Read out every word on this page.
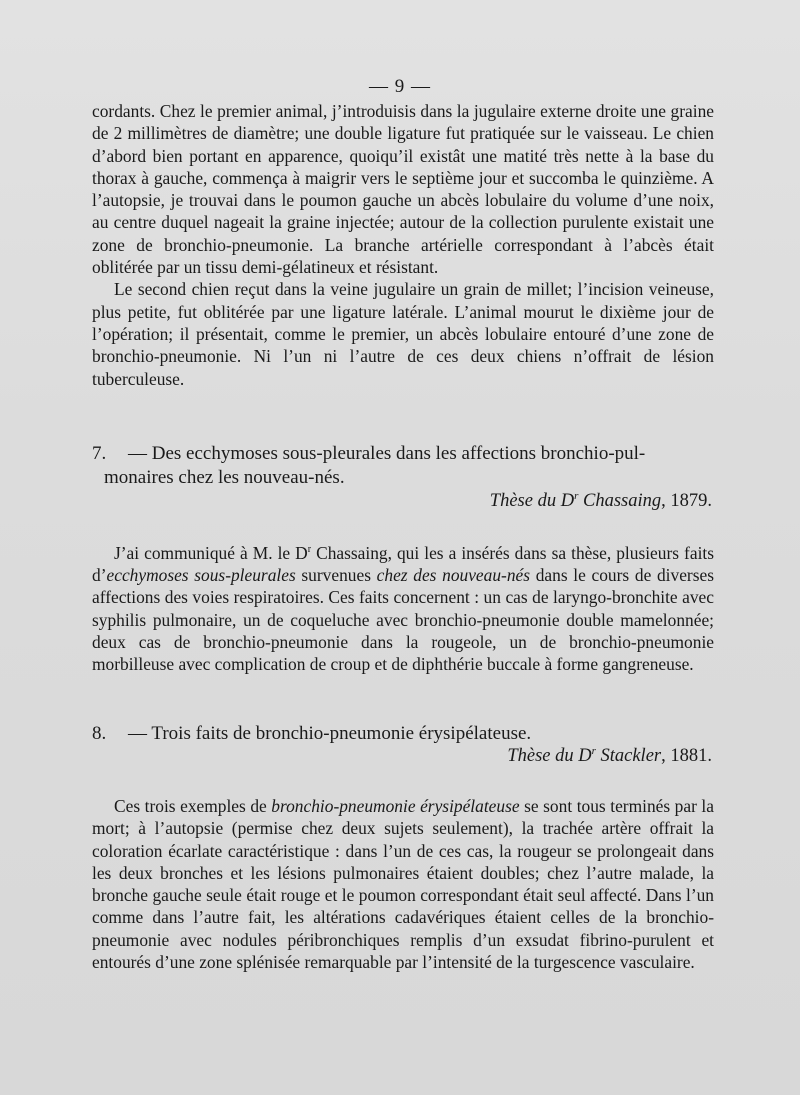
— 9 —

cordants. Chez le premier animal, j’introduisis dans la jugulaire externe droite une graine de 2 millimètres de diamètre; une double ligature fut pratiquée sur le vaisseau. Le chien d’abord bien portant en apparence, quoiqu’il existât une matité très nette à la base du thorax à gauche, commença à maigrir vers le septième jour et succomba le quinzième. A l’autopsie, je trouvai dans le poumon gauche un abcès lobulaire du volume d’une noix, au centre duquel nageait la graine injectée; autour de la collection purulente existait une zone de bronchio-pneumonie. La branche artérielle correspondant à l’abcès était oblitérée par un tissu demi-gélatineux et résistant.

Le second chien reçut dans la veine jugulaire un grain de millet; l’incision veineuse, plus petite, fut oblitérée par une ligature latérale. L’animal mourut le dixième jour de l’opération; il présentait, comme le premier, un abcès lobulaire entouré d’une zone de bronchio-pneumonie. Ni l’un ni l’autre de ces deux chiens n’offrait de lésion tuberculeuse.

7. — Des ecchymoses sous-pleurales dans les affections bronchio-pul-
monaires chez les nouveau-nés.
Thèse du $D^r$ Chassaing, 1879.

J’ai communiqué à M. le $D^r$ Chassaing, qui les a insérés dans sa thèse, plusieurs faits d’ecchymoses sous-pleurales survenues chez des nouveau-nés dans le cours de diverses affections des voies respiratoires. Ces faits concernent : un cas de laryngo-bronchite avec syphilis pulmonaire, un de coqueluche avec bronchio-pneumonie double mamelonnée; deux cas de bronchio-pneumonie dans la rougeole, un de bronchio-pneumonie morbilleuse avec complication de croup et de diphthérie buccale à forme gangreneuse.

8. — Trois faits de bronchio-pneumonie érysipélateuse.
Thèse du $D^r$ Stackler, 1881.

Ces trois exemples de bronchio-pneumonie érysipélateuse se sont tous terminés par la mort; à l’autopsie (permise chez deux sujets seulement), la trachée artère offrait la coloration écarlate caractéristique : dans l’un de ces cas, la rougeur se prolongeait dans les deux bronches et les lésions pulmonaires étaient doubles; chez l’autre malade, la bronche gauche seule était rouge et le poumon correspondant était seul affecté. Dans l’un comme dans l’autre fait, les altérations cadavériques étaient celles de la bronchio-pneumonie avec nodules péribronchiques remplis d’un exsudat fibrino-purulent et entourés d’une zone splénisée remarquable par l’intensité de la turgescence vasculaire.
